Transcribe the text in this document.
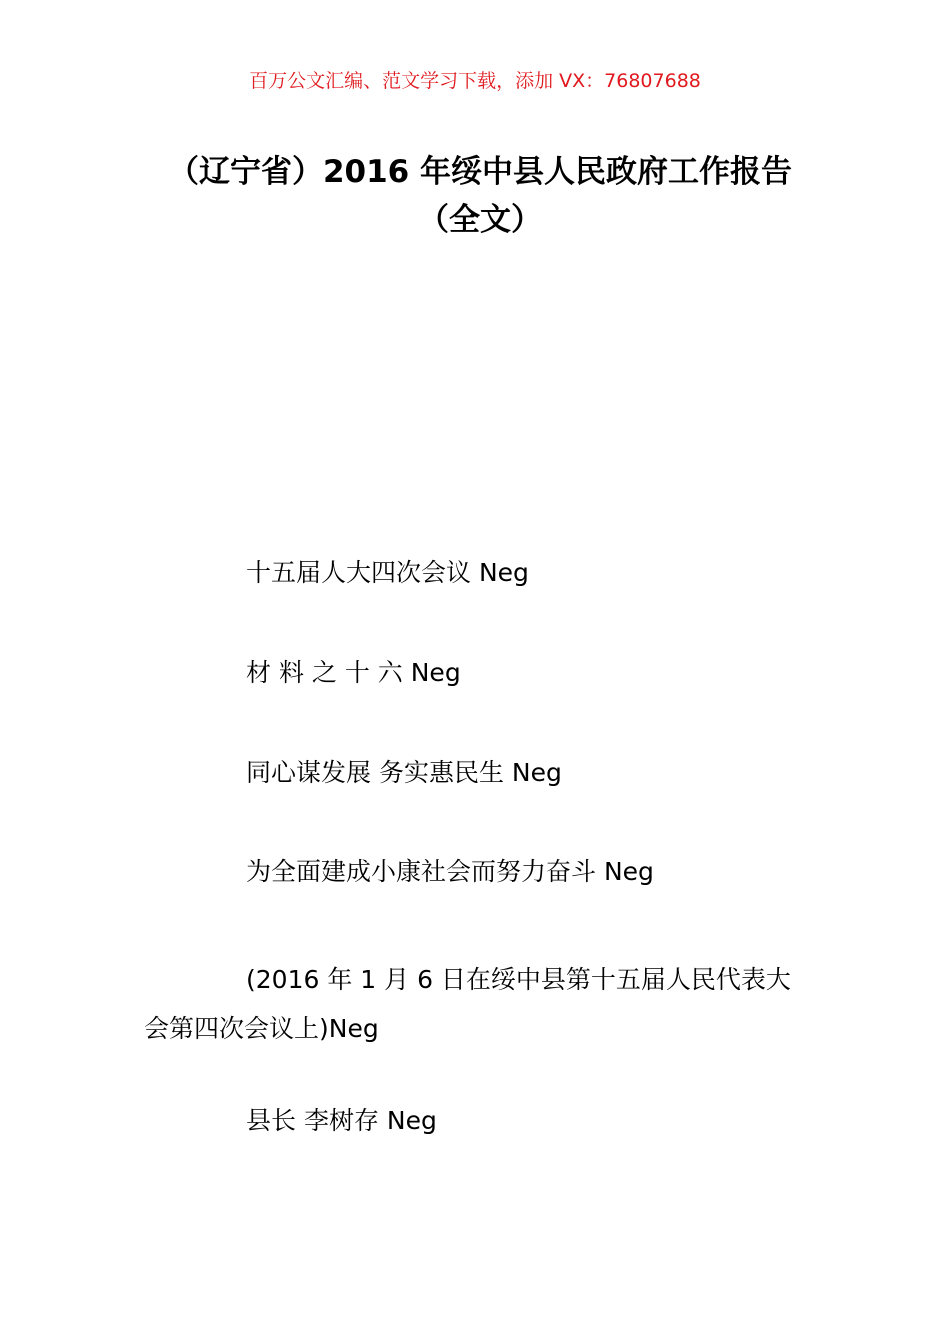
百万公文汇编、范文学习下载，添加 VX：76807688
（辽宁省）2016 年绥中县人民政府工作报告（全文）

十五届人大四次会议 Neg

材 料 之 十 六 Neg

同心谋发展 务实惠民生 Neg

为全面建成小康社会而努力奋斗 Neg

(2016 年 1 月 6 日在绥中县第十五届人民代表大会第四次会议上)Neg

县长 李树存 Neg
